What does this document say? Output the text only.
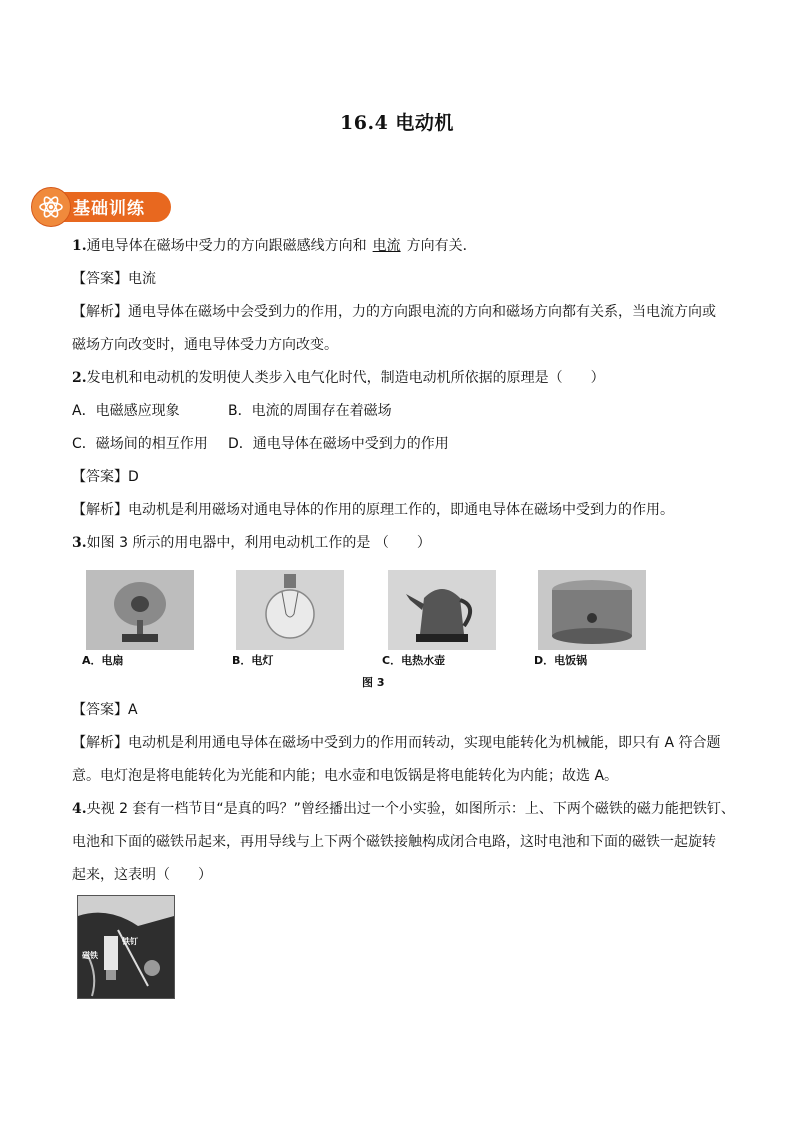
16.4 电动机
基础训练
1.通电导体在磁场中受力的方向跟磁感线方向和 电流 方向有关．
【答案】电流
【解析】通电导体在磁场中会受到力的作用，力的方向跟电流的方向和磁场方向都有关系，当电流方向或
磁场方向改变时，通电导体受力方向改变。
2.发电机和电动机的发明使人类步入电气化时代，制造电动机所依据的原理是（　　）
A．电磁感应现象	B．电流的周围存在着磁场
C．磁场间的相互作用 D．通电导体在磁场中受到力的作用
【答案】D
【解析】电动机是利用磁场对通电导体的作用的原理工作的，即通电导体在磁场中受到力的作用。
3.如图 3 所示的用电器中，利用电动机工作的是 （　　）
A．电扇	B．电灯	C．电热水壶	D．电饭锅
图 3
【答案】A
【解析】电动机是利用通电导体在磁场中受到力的作用而转动，实现电能转化为机械能，即只有 A 符合题
意。电灯泡是将电能转化为光能和内能；电水壶和电饭锅是将电能转化为内能；故选 A。
4.央视 2 套有一档节目“是真的吗？”曾经播出过一个小实验，如图所示：上、下两个磁铁的磁力能把铁钉、
电池和下面的磁铁吊起来，再用导线与上下两个磁铁接触构成闭合电路，这时电池和下面的磁铁一起旋转
起来，这表明（　　）
铁钉
磁铁
